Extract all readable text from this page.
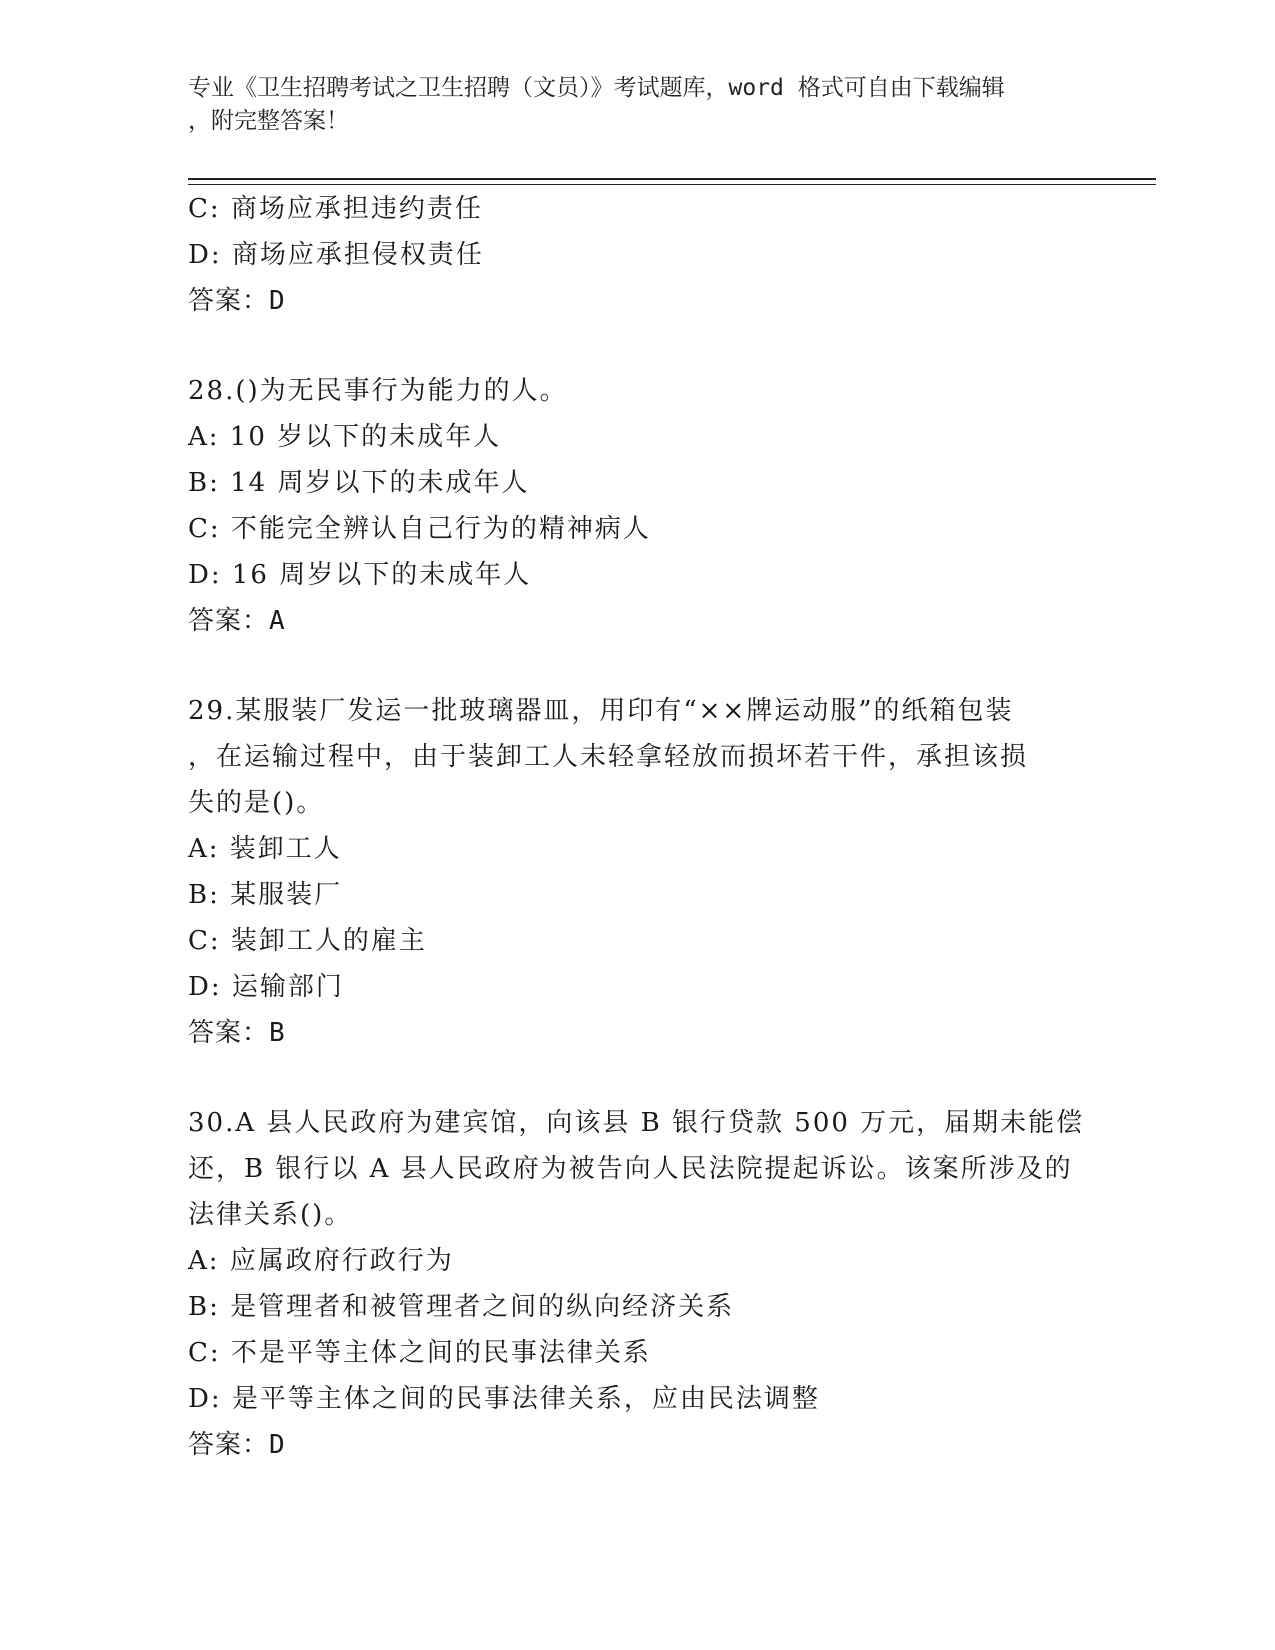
专业《卫生招聘考试之卫生招聘（文员）》考试题库，word 格式可自由下载编辑
，附完整答案！
C: 商场应承担违约责任
D: 商场应承担侵权责任
答案：D
28.()为无民事行为能力的人。
A: 10 岁以下的未成年人
B: 14 周岁以下的未成年人
C: 不能完全辨认自己行为的精神病人
D: 16 周岁以下的未成年人
答案：A
29.某服装厂发运一批玻璃器皿，用印有“××牌运动服”的纸箱包装
，在运输过程中，由于装卸工人未轻拿轻放而损坏若干件，承担该损
失的是()。
A: 装卸工人
B: 某服装厂
C: 装卸工人的雇主
D: 运输部门
答案：B
30.A 县人民政府为建宾馆，向该县 B 银行贷款 500 万元，届期未能偿
还，B 银行以 A 县人民政府为被告向人民法院提起诉讼。该案所涉及的
法律关系()。
A: 应属政府行政行为
B: 是管理者和被管理者之间的纵向经济关系
C: 不是平等主体之间的民事法律关系
D: 是平等主体之间的民事法律关系，应由民法调整
答案：D
